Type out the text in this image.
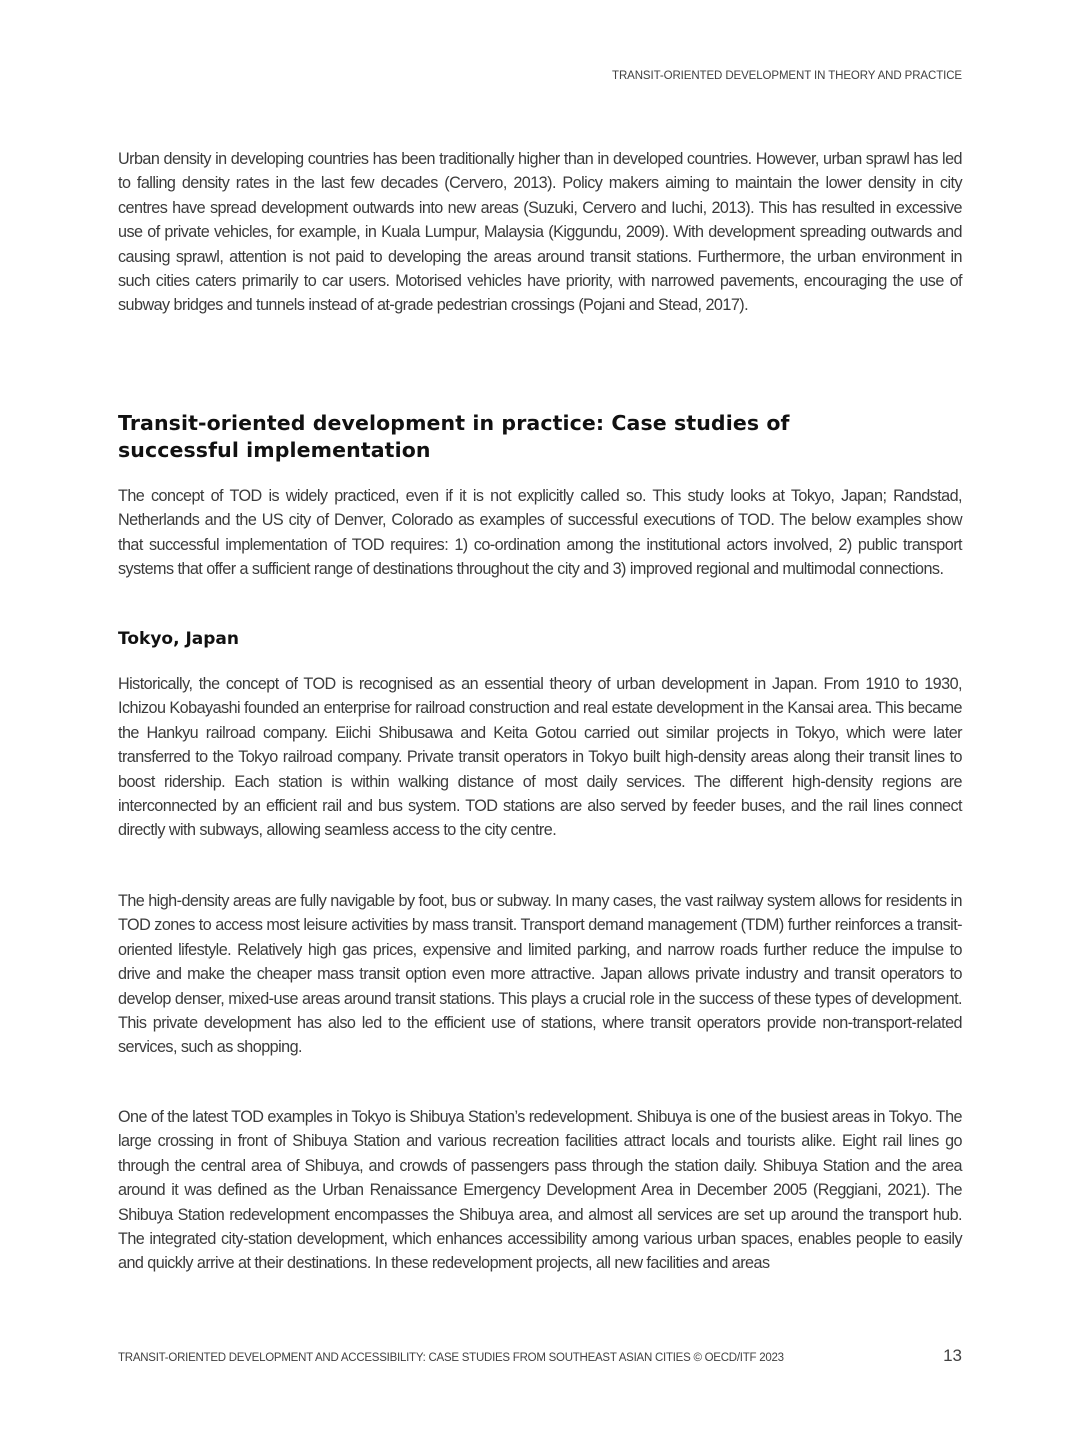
TRANSIT-ORIENTED DEVELOPMENT IN THEORY AND PRACTICE

Urban density in developing countries has been traditionally higher than in developed countries. However, urban sprawl has led to falling density rates in the last few decades (Cervero, 2013). Policy makers aiming to maintain the lower density in city centres have spread development outwards into new areas (Suzuki, Cervero and Iuchi, 2013). This has resulted in excessive use of private vehicles, for example, in Kuala Lumpur, Malaysia (Kiggundu, 2009). With development spreading outwards and causing sprawl, attention is not paid to developing the areas around transit stations. Furthermore, the urban environment in such cities caters primarily to car users. Motorised vehicles have priority, with narrowed pavements, encouraging the use of subway bridges and tunnels instead of at-grade pedestrian crossings (Pojani and Stead, 2017).

Transit-oriented development in practice: Case studies of successful implementation

The concept of TOD is widely practiced, even if it is not explicitly called so. This study looks at Tokyo, Japan; Randstad, Netherlands and the US city of Denver, Colorado as examples of successful executions of TOD. The below examples show that successful implementation of TOD requires: 1) co-ordination among the institutional actors involved, 2) public transport systems that offer a sufficient range of destinations throughout the city and 3) improved regional and multimodal connections.

Tokyo, Japan

Historically, the concept of TOD is recognised as an essential theory of urban development in Japan. From 1910 to 1930, Ichizou Kobayashi founded an enterprise for railroad construction and real estate development in the Kansai area. This became the Hankyu railroad company. Eiichi Shibusawa and Keita Gotou carried out similar projects in Tokyo, which were later transferred to the Tokyo railroad company. Private transit operators in Tokyo built high-density areas along their transit lines to boost ridership. Each station is within walking distance of most daily services. The different high-density regions are interconnected by an efficient rail and bus system. TOD stations are also served by feeder buses, and the rail lines connect directly with subways, allowing seamless access to the city centre.

The high-density areas are fully navigable by foot, bus or subway. In many cases, the vast railway system allows for residents in TOD zones to access most leisure activities by mass transit. Transport demand management (TDM) further reinforces a transit-oriented lifestyle. Relatively high gas prices, expensive and limited parking, and narrow roads further reduce the impulse to drive and make the cheaper mass transit option even more attractive. Japan allows private industry and transit operators to develop denser, mixed-use areas around transit stations. This plays a crucial role in the success of these types of development. This private development has also led to the efficient use of stations, where transit operators provide non-transport-related services, such as shopping.

One of the latest TOD examples in Tokyo is Shibuya Station’s redevelopment. Shibuya is one of the busiest areas in Tokyo. The large crossing in front of Shibuya Station and various recreation facilities attract locals and tourists alike. Eight rail lines go through the central area of Shibuya, and crowds of passengers pass through the station daily. Shibuya Station and the area around it was defined as the Urban Renaissance Emergency Development Area in December 2005 (Reggiani, 2021). The Shibuya Station redevelopment encompasses the Shibuya area, and almost all services are set up around the transport hub. The integrated city-station development, which enhances accessibility among various urban spaces, enables people to easily and quickly arrive at their destinations. In these redevelopment projects, all new facilities and areas

TRANSIT-ORIENTED DEVELOPMENT AND ACCESSIBILITY: CASE STUDIES FROM SOUTHEAST ASIAN CITIES © OECD/ITF 2023	13
